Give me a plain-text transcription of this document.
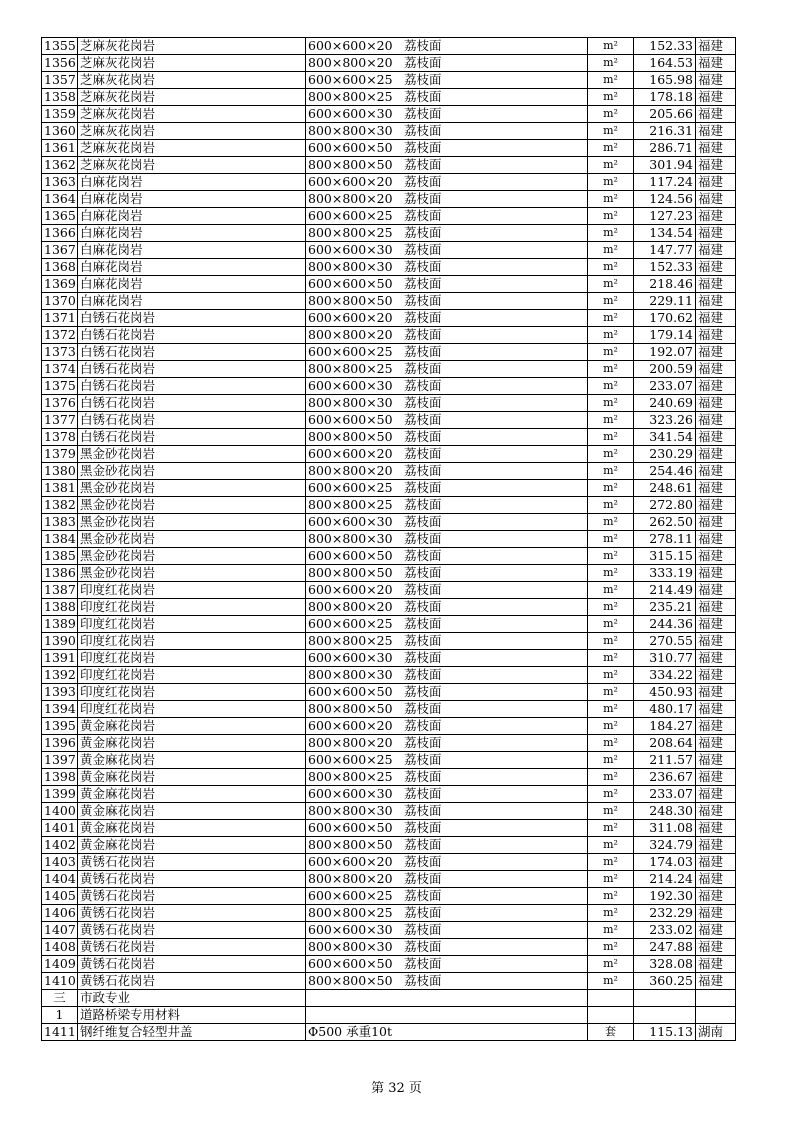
1355	芝麻灰花岗岩	600×600×20 荔枝面	m²	152.33	福建
1356	芝麻灰花岗岩	800×800×20 荔枝面	m²	164.53	福建
1357	芝麻灰花岗岩	600×600×25 荔枝面	m²	165.98	福建
1358	芝麻灰花岗岩	800×800×25 荔枝面	m²	178.18	福建
1359	芝麻灰花岗岩	600×600×30 荔枝面	m²	205.66	福建
1360	芝麻灰花岗岩	800×800×30 荔枝面	m²	216.31	福建
1361	芝麻灰花岗岩	600×600×50 荔枝面	m²	286.71	福建
1362	芝麻灰花岗岩	800×800×50 荔枝面	m²	301.94	福建
1363	白麻花岗岩	600×600×20 荔枝面	m²	117.24	福建
1364	白麻花岗岩	800×800×20 荔枝面	m²	124.56	福建
1365	白麻花岗岩	600×600×25 荔枝面	m²	127.23	福建
1366	白麻花岗岩	800×800×25 荔枝面	m²	134.54	福建
1367	白麻花岗岩	600×600×30 荔枝面	m²	147.77	福建
1368	白麻花岗岩	800×800×30 荔枝面	m²	152.33	福建
1369	白麻花岗岩	600×600×50 荔枝面	m²	218.46	福建
1370	白麻花岗岩	800×800×50 荔枝面	m²	229.11	福建
1371	白锈石花岗岩	600×600×20 荔枝面	m²	170.62	福建
1372	白锈石花岗岩	800×800×20 荔枝面	m²	179.14	福建
1373	白锈石花岗岩	600×600×25 荔枝面	m²	192.07	福建
1374	白锈石花岗岩	800×800×25 荔枝面	m²	200.59	福建
1375	白锈石花岗岩	600×600×30 荔枝面	m²	233.07	福建
1376	白锈石花岗岩	800×800×30 荔枝面	m²	240.69	福建
1377	白锈石花岗岩	600×600×50 荔枝面	m²	323.26	福建
1378	白锈石花岗岩	800×800×50 荔枝面	m²	341.54	福建
1379	黑金砂花岗岩	600×600×20 荔枝面	m²	230.29	福建
1380	黑金砂花岗岩	800×800×20 荔枝面	m²	254.46	福建
1381	黑金砂花岗岩	600×600×25 荔枝面	m²	248.61	福建
1382	黑金砂花岗岩	800×800×25 荔枝面	m²	272.80	福建
1383	黑金砂花岗岩	600×600×30 荔枝面	m²	262.50	福建
1384	黑金砂花岗岩	800×800×30 荔枝面	m²	278.11	福建
1385	黑金砂花岗岩	600×600×50 荔枝面	m²	315.15	福建
1386	黑金砂花岗岩	800×800×50 荔枝面	m²	333.19	福建
1387	印度红花岗岩	600×600×20 荔枝面	m²	214.49	福建
1388	印度红花岗岩	800×800×20 荔枝面	m²	235.21	福建
1389	印度红花岗岩	600×600×25 荔枝面	m²	244.36	福建
1390	印度红花岗岩	800×800×25 荔枝面	m²	270.55	福建
1391	印度红花岗岩	600×600×30 荔枝面	m²	310.77	福建
1392	印度红花岗岩	800×800×30 荔枝面	m²	334.22	福建
1393	印度红花岗岩	600×600×50 荔枝面	m²	450.93	福建
1394	印度红花岗岩	800×800×50 荔枝面	m²	480.17	福建
1395	黄金麻花岗岩	600×600×20 荔枝面	m²	184.27	福建
1396	黄金麻花岗岩	800×800×20 荔枝面	m²	208.64	福建
1397	黄金麻花岗岩	600×600×25 荔枝面	m²	211.57	福建
1398	黄金麻花岗岩	800×800×25 荔枝面	m²	236.67	福建
1399	黄金麻花岗岩	600×600×30 荔枝面	m²	233.07	福建
1400	黄金麻花岗岩	800×800×30 荔枝面	m²	248.30	福建
1401	黄金麻花岗岩	600×600×50 荔枝面	m²	311.08	福建
1402	黄金麻花岗岩	800×800×50 荔枝面	m²	324.79	福建
1403	黄锈石花岗岩	600×600×20 荔枝面	m²	174.03	福建
1404	黄锈石花岗岩	800×800×20 荔枝面	m²	214.24	福建
1405	黄锈石花岗岩	600×600×25 荔枝面	m²	192.30	福建
1406	黄锈石花岗岩	800×800×25 荔枝面	m²	232.29	福建
1407	黄锈石花岗岩	600×600×30 荔枝面	m²	233.02	福建
1408	黄锈石花岗岩	800×800×30 荔枝面	m²	247.88	福建
1409	黄锈石花岗岩	600×600×50 荔枝面	m²	328.08	福建
1410	黄锈石花岗岩	800×800×50 荔枝面	m²	360.25	福建
三	市政专业				
1	道路桥梁专用材料				
1411	钢纤维复合轻型井盖	Φ500 承重10t	套	115.13	湖南
第 32 页
